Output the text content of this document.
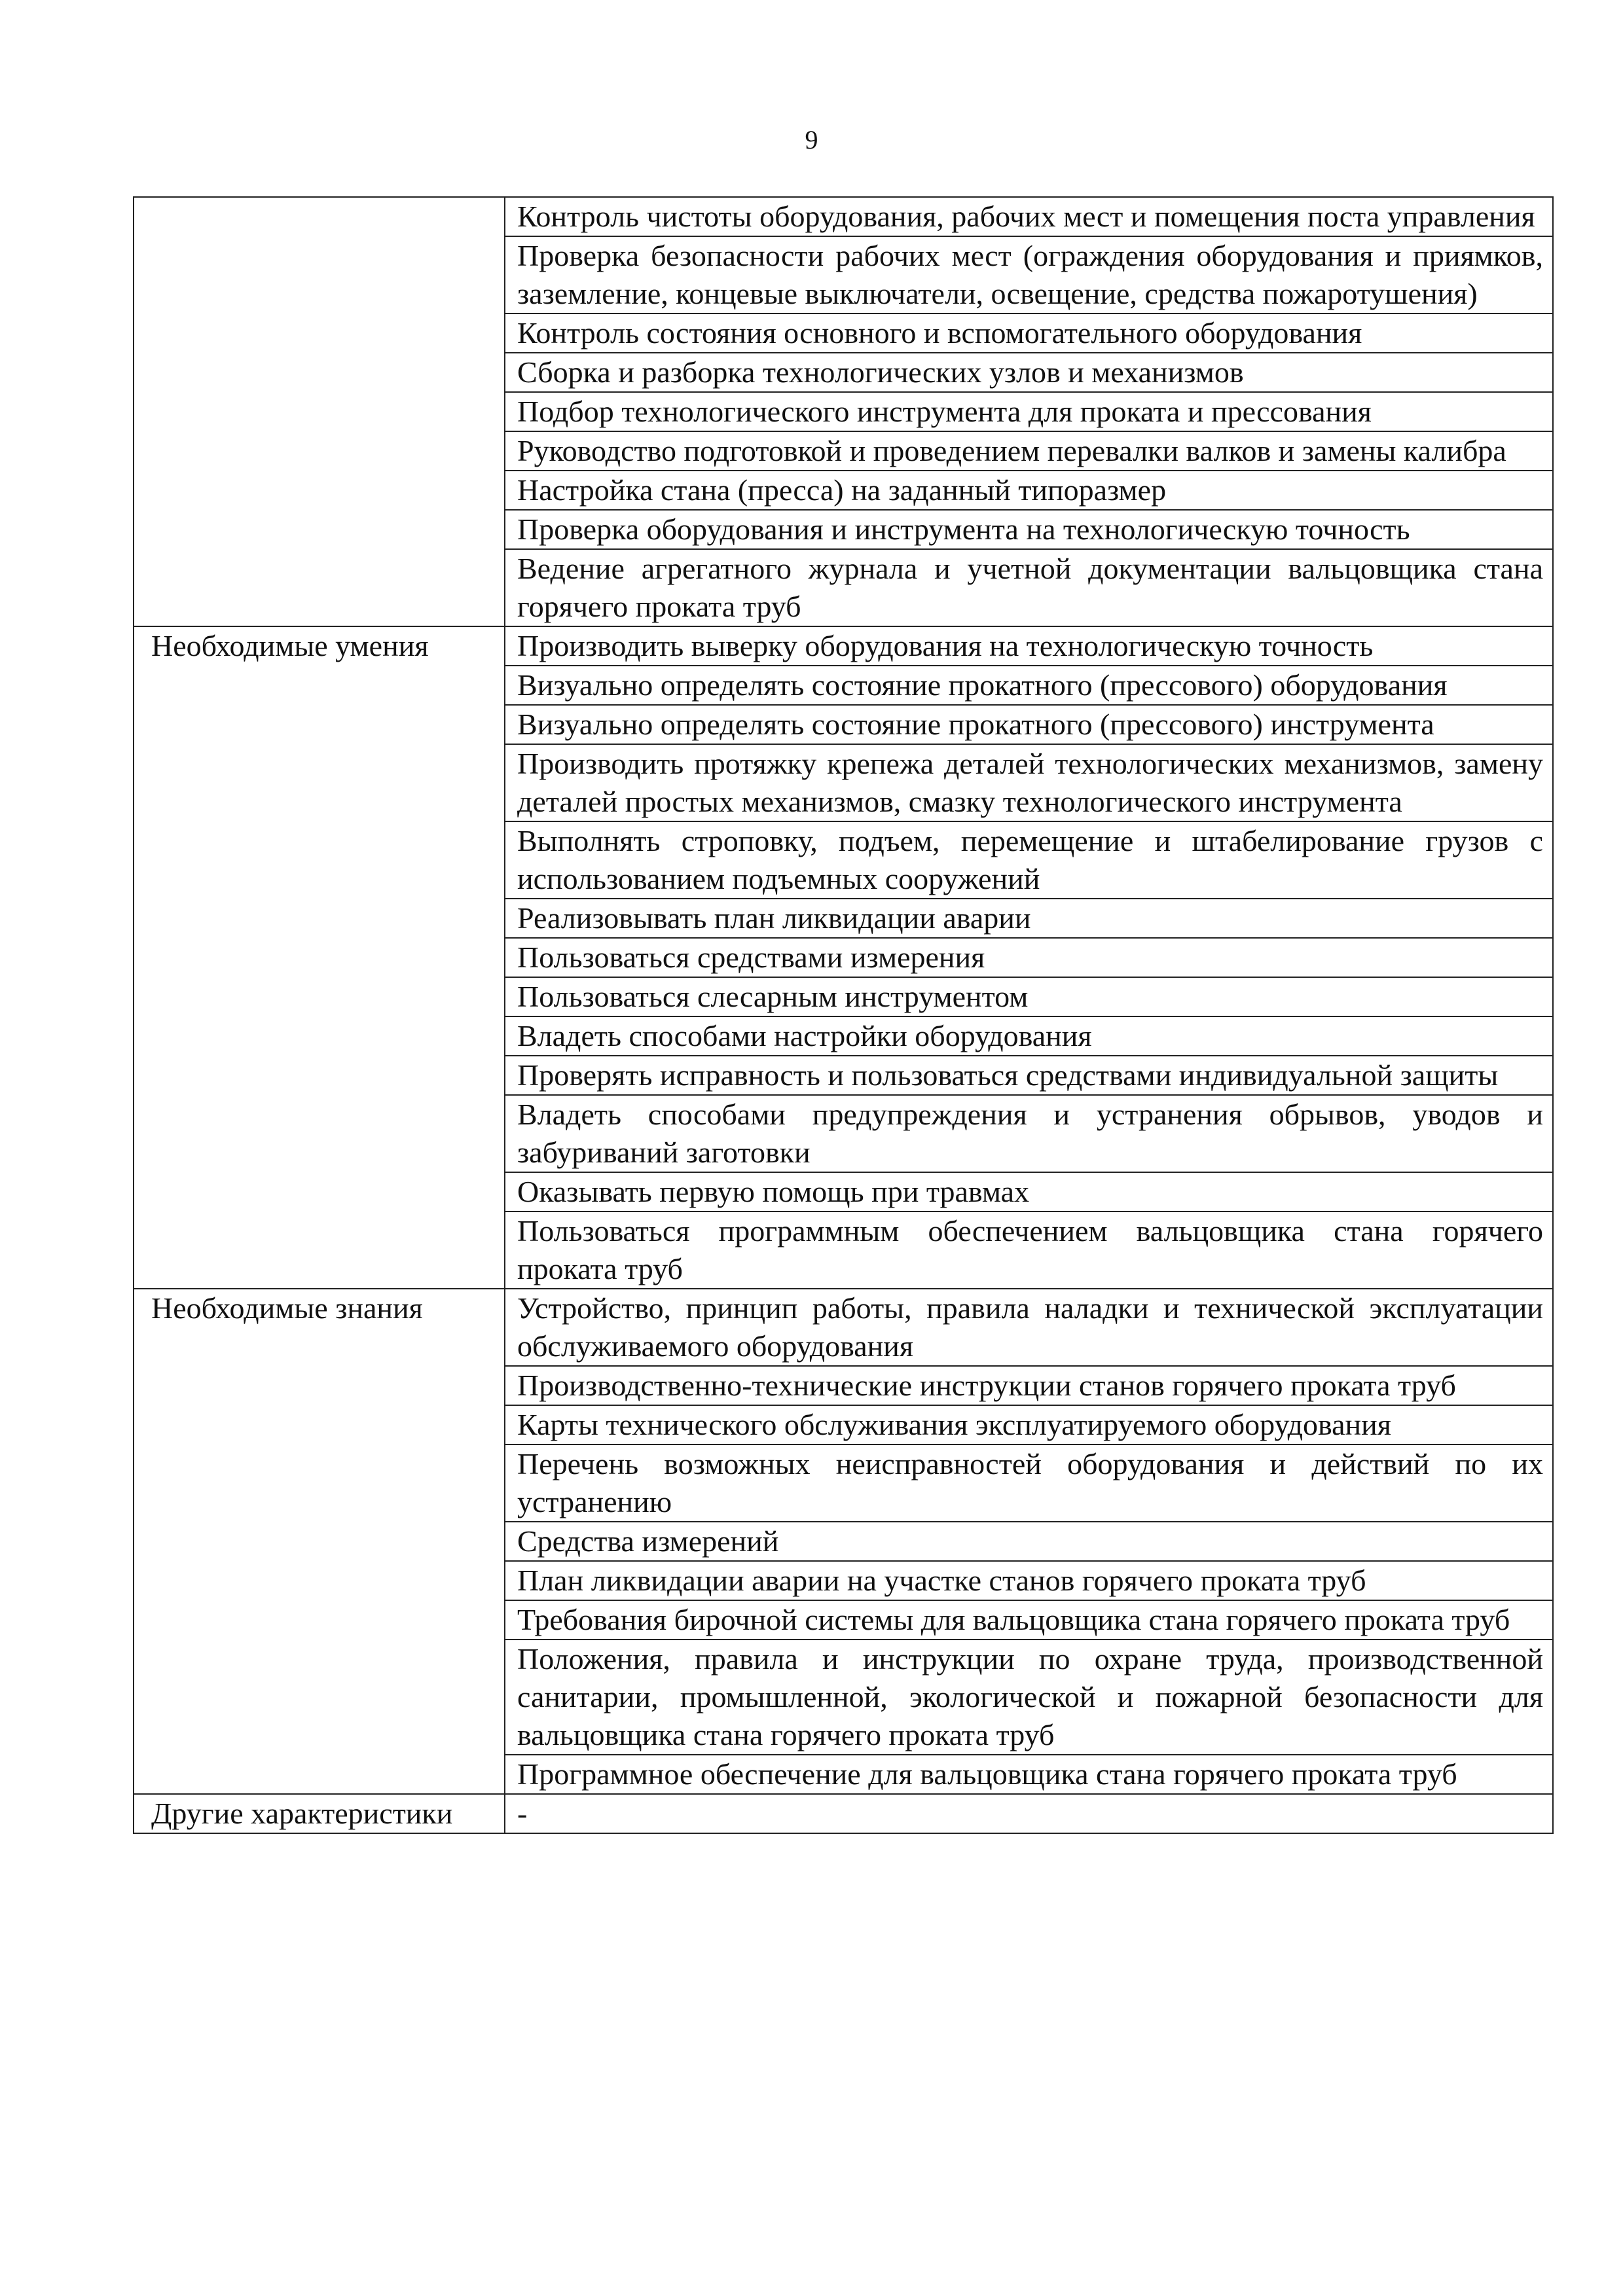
9
	Контроль чистоты оборудования, рабочих мест и помещения поста управления
	Проверка безопасности рабочих мест (ограждения оборудования и приямков, заземление, концевые выключатели, освещение, средства пожаротушения)
	Контроль состояния основного и вспомогательного оборудования
	Сборка и разборка технологических узлов и механизмов
	Подбор технологического инструмента для проката и прессования
	Руководство подготовкой и проведением перевалки валков и замены калибра
	Настройка стана (пресса) на заданный типоразмер
	Проверка оборудования и инструмента на технологическую точность
	Ведение агрегатного журнала и учетной документации вальцовщика стана горячего проката труб
Необходимые умения	Производить выверку оборудования на технологическую точность
	Визуально определять состояние прокатного (прессового) оборудования
	Визуально определять состояние прокатного (прессового) инструмента
	Производить протяжку крепежа деталей технологических механизмов, замену деталей простых механизмов, смазку технологического инструмента
	Выполнять строповку, подъем, перемещение и штабелирование грузов с использованием подъемных сооружений
	Реализовывать план ликвидации аварии
	Пользоваться средствами измерения
	Пользоваться слесарным инструментом
	Владеть способами настройки оборудования
	Проверять исправность и пользоваться средствами индивидуальной защиты
	Владеть способами предупреждения и устранения обрывов, уводов и забуриваний заготовки
	Оказывать первую помощь при травмах
	Пользоваться программным обеспечением вальцовщика стана горячего проката труб
Необходимые знания	Устройство, принцип работы, правила наладки и технической эксплуатации обслуживаемого оборудования
	Производственно-технические инструкции станов горячего проката труб
	Карты технического обслуживания эксплуатируемого оборудования
	Перечень возможных неисправностей оборудования и действий по их устранению
	Средства измерений
	План ликвидации аварии на участке станов горячего проката труб
	Требования бирочной системы для вальцовщика стана горячего проката труб
	Положения, правила и инструкции по охране труда, производственной санитарии, промышленной, экологической и пожарной безопасности для вальцовщика стана горячего проката труб
	Программное обеспечение для вальцовщика стана горячего проката труб
Другие характеристики	-
